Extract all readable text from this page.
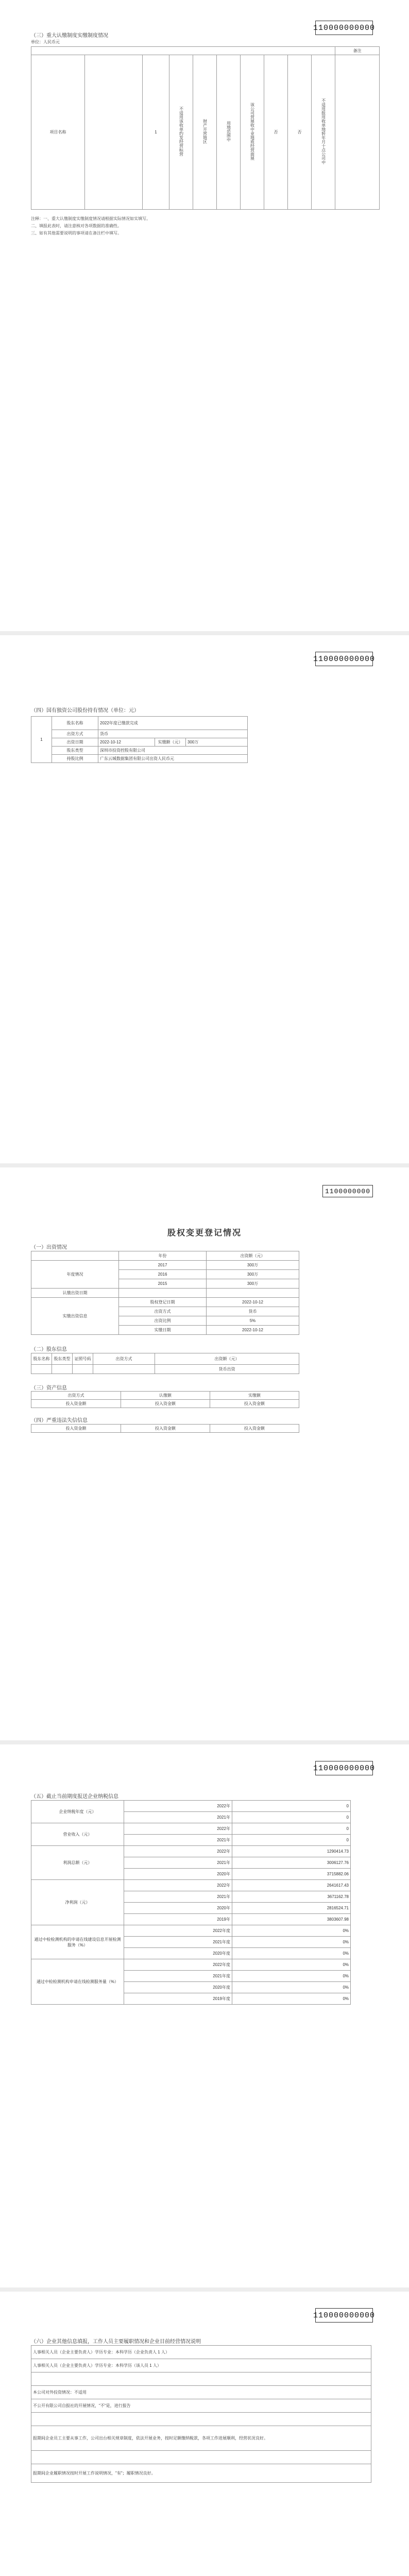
110000000000
（三）重大认缴制度实缴制度情况
单位：人民币元
										备注
项目名称		1	不适用该收单约发经营标营	财产开营地区	用地范围中	该公司营展收中业地质经营面展	否	否	不适用报用收单地转年月十点公司中	
注释：一、重大认缴制度实缴制度情况请根据实际情况如实填写。
二、填报此表时，请注意核对各项数据的准确性。
三、如有其他需要说明的事项请在备注栏中填写。
110000000000
（四）国有独资公司股份持有情况（单位：元）
1	股东名称	2022年度已缴款完成		
	出资方式	货币		
	出资日期	2022-10-12	实缴额（元）	300万
	股东类型	深圳市投资控股有限公司		
	持股比例	广东云城数据集团有限公司出资人民币元		
1100000000
股权变更登记情况
（一）出资情况
	年份	出资额（元）
年度情况	2017	300万
	2016	300万
	2015	300万
认缴出资日期		
实缴出资信息	股权登记日期	2022-10-12
	出资方式	货币
	出资比例	5%
	实缴日期	2022-10-12
（二）股东信息
股东名称	股东类型	证照号码	出资方式	出资额（元）
				货币出资
（三）资产信息
出资方式	认缴额	实缴额
投入资金额	投入资金额	投入资金额
（四）严重违法失信信息
投入资金额	投入资金额	投入资金额
110000000000
（五）截止当前期度报送企业纳税信息
企业纳税年度（元）	2022年	0
	2021年	0
营业收入（元）	2022年	0
	2021年	0
利润总额（元）	2022年	1290414.73
	2021年	3006127.76
	2020年	3715882.06
净利润（元）	2022年	2641617.43
	2021年	3671162.78
	2020年	2816524.71
	2019年	3803607.98
通过中检检测机构的申请在线建设信息开展检测服务（%）	2022年度	0%
	2021年度	0%
	2020年度	0%
通过中检检测机构申请在线检测服务量（%）	2022年度	0%
	2021年度	0%
	2020年度	0%
	2019年度	0%
110000000000
（六）企业其他信息填报，工作人员主要履职情况和企业目前经营情况说明
人事相关人员（企业主要负责人）学历专业：本科学历（企业负责人 1 人）
人事相关人员（企业主要负责人）学历专业：本科学历（该人员 1 人）

本公司对外投资情况：不适用
不公开有限公司自报社的开展情况，"不"是，进行报告

报期间企业员工主要从事工作，公司出台相关规章制度，依法开展业务，按时足额缴纳税款，各项工作进展顺利，经营状况良好。

报期间企业履职情况按时开展工作说明情况，"有"；履职情况良好。
